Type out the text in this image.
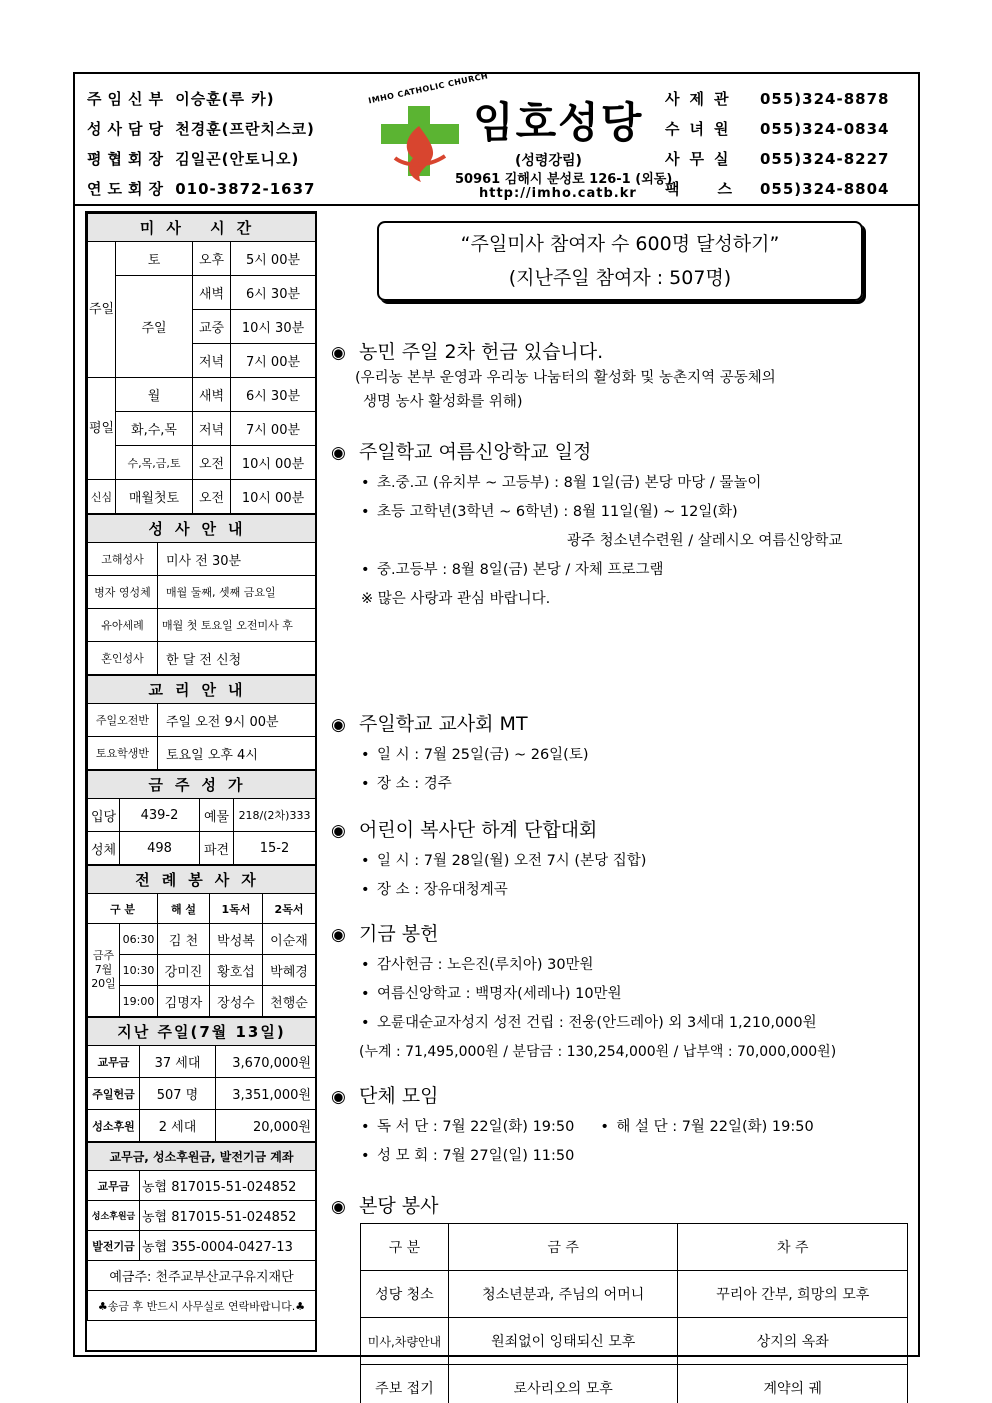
주임신부 이승훈(루 카)
성사담당 천경훈(프란치스코)
평협회장 김일곤(안토니오)
연도회장 010-3872-1637
IMHO CATHOLIC CHURCH
임호성당
(성령강림)
50961 김해시 분성로 126-1 (외동)
http://imho.catb.kr
사제관 055)324-8878
수녀원 055)324-0834
사무실 055)324-8227
팩스055)324-8804
미사 시간			
주일	토	오후	5시 00분
	주일	새벽	6시 30분
		교중	10시 30분
		저녁	7시 00분
평일	월	새벽	6시 30분
	화,수,목	저녁	7시 00분
	수,목,금,토	오전	10시 00분
신심	매월첫토	오전	10시 00분
성사안내	
고해성사	미사 전 30분
병자 영성체	매월 둘째, 셋째 금요일
유아세례	매월 첫 토요일 오전미사 후
혼인성사	한 달 전 신청
교리안내	
주일오전반	주일 오전 9시 00분
토요학생반	토요일 오후 4시
금주성가			
입당	439-2	예물	218/(2차)333
성체	498	파견	15-2
전례봉사자				
구 분		해 설	1독서	2독서
금주 7월 20일	06:30	김 천	박성복	이순재
	10:30	강미진	황호섭	박혜경
	19:00	김명자	장성수	천행순
지난 주일(7월 13일)		
교무금	37 세대	3,670,000원
주일헌금	507 명	3,351,000원
성소후원	2 세대	20,000원
교무금, 성소후원금, 발전기금 계좌	
교무금	농협 817015-51-024852
성소후원금	농협 817015-51-024852
발전기금	농협 355-0004-0427-13
예금주: 천주교부산교구유지재단	
♣송금 후 반드시 사무실로 연락바랍니다.♣	
“주일미사 참여자 수 600명 달성하기”
(지난주일 참여자 : 507명)
◉ 농민 주일 2차 헌금 있습니다.

(우리농 본부 운영과 우리농 나눔터의 활성화 및 농촌지역 공동체의

생명 농사 활성화를 위해)

◉ 주일학교 여름신앙학교 일정

• 초.중.고 (유치부 ~ 고등부) : 8월 1일(금) 본당 마당 / 물놀이

• 초등 고학년(3학년 ~ 6학년) : 8월 11일(월) ~ 12일(화)

광주 청소년수련원 / 살레시오 여름신앙학교

• 중.고등부 : 8월 8일(금) 본당 / 자체 프로그램

※ 많은 사랑과 관심 바랍니다.

◉ 주일학교 교사회 MT

• 일 시 : 7월 25일(금) ~ 26일(토)

• 장 소 : 경주

◉ 어린이 복사단 하계 단합대회

• 일 시 : 7월 28일(월) 오전 7시 (본당 집합)

• 장 소 : 장유대청계곡

◉ 기금 봉헌

• 감사헌금 : 노은진(루치아) 30만원

• 여름신앙학교 : 백명자(세레나) 10만원

• 오륜대순교자성지 성전 건립 : 전웅(안드레아) 외 3세대 1,210,000원

(누계 : 71,495,000원 / 분담금 : 130,254,000원 / 납부액 : 70,000,000원)

◉ 단체 모임

• 독 서 단 : 7월 22일(화) 19:50 • 해 설 단 : 7월 22일(화) 19:50

• 성 모 회 : 7월 27일(일) 11:50

◉ 본당 봉사
구 분	금 주	차 주
성당 청소	청소년분과, 주님의 어머니	꾸리아 간부, 희망의 모후
미사,차량안내	원죄없이 잉태되신 모후	상지의 옥좌
주보 접기	로사리오의 모후	계약의 궤
